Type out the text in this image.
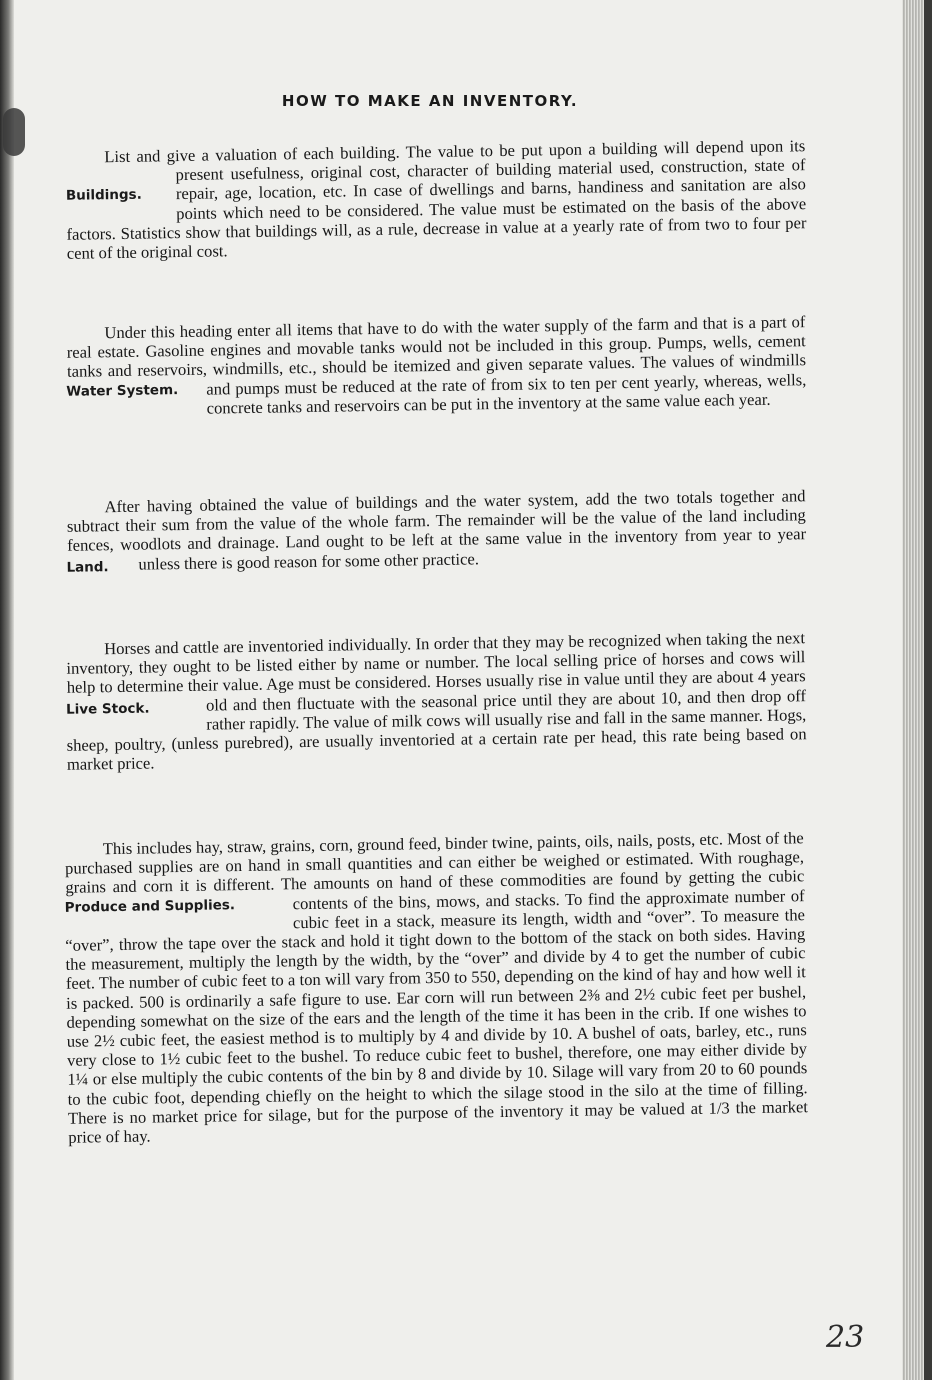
HOW TO MAKE AN INVENTORY.
Buildings.

List and give a valuation of each building. The value to be put upon a building will depend upon its present usefulness, original cost, character of building material used, construction, state of repair, age, location, etc. In case of dwellings and barns, handiness and sanitation are also points which need to be considered. The value must be estimated on the basis of the above factors. Statistics show that buildings will, as a rule, decrease in value at a yearly rate of from two to four per cent of the original cost.

Water System.

Under this heading enter all items that have to do with the water supply of the farm and that is a part of real estate. Gasoline engines and movable tanks would not be included in this group. Pumps, wells, cement tanks and reservoirs, windmills, etc., should be itemized and given separate values. The values of windmills and pumps must be reduced at the rate of from six to ten per cent yearly, whereas, wells, concrete tanks and reservoirs can be put in the inventory at the same value each year.

Land.

After having obtained the value of buildings and the water system, add the two totals together and subtract their sum from the value of the whole farm. The remainder will be the value of the land including fences, woodlots and drainage. Land ought to be left at the same value in the inventory from year to year unless there is good reason for some other practice.

Live Stock.

Horses and cattle are inventoried individually. In order that they may be recognized when taking the next inventory, they ought to be listed either by name or number. The local selling price of horses and cows will help to determine their value. Age must be considered. Horses usually rise in value until they are about 4 years old and then fluctuate with the seasonal price until they are about 10, and then drop off rather rapidly. The value of milk cows will usually rise and fall in the same manner. Hogs, sheep, poultry, (unless purebred), are usually inventoried at a certain rate per head, this rate being based on market price.

Produce and Supplies.

This includes hay, straw, grains, corn, ground feed, binder twine, paints, oils, nails, posts, etc. Most of the purchased supplies are on hand in small quantities and can either be weighed or estimated. With roughage, grains and corn it is different. The amounts on hand of these commodities are found by getting the cubic contents of the bins, mows, and stacks. To find the approximate number of cubic feet in a stack, measure its length, width and “over”. To measure the “over”, throw the tape over the stack and hold it tight down to the bottom of the stack on both sides. Having the measurement, multiply the length by the width, by the “over” and divide by 4 to get the number of cubic feet. The number of cubic feet to a ton will vary from 350 to 550, depending on the kind of hay and how well it is packed. 500 is ordinarily a safe figure to use. Ear corn will run between 2⅜ and 2½ cubic feet per bushel, depending somewhat on the size of the ears and the length of the time it has been in the crib. If one wishes to use 2½ cubic feet, the easiest method is to multiply by 4 and divide by 10. A bushel of oats, barley, etc., runs very close to 1½ cubic feet to the bushel. To reduce cubic feet to bushel, therefore, one may either divide by 1¼ or else multiply the cubic contents of the bin by 8 and divide by 10. Silage will vary from 20 to 60 pounds to the cubic foot, depending chiefly on the height to which the silage stood in the silo at the time of filling. There is no market price for silage, but for the purpose of the inventory it may be valued at 1/3 the market price of hay.

23
